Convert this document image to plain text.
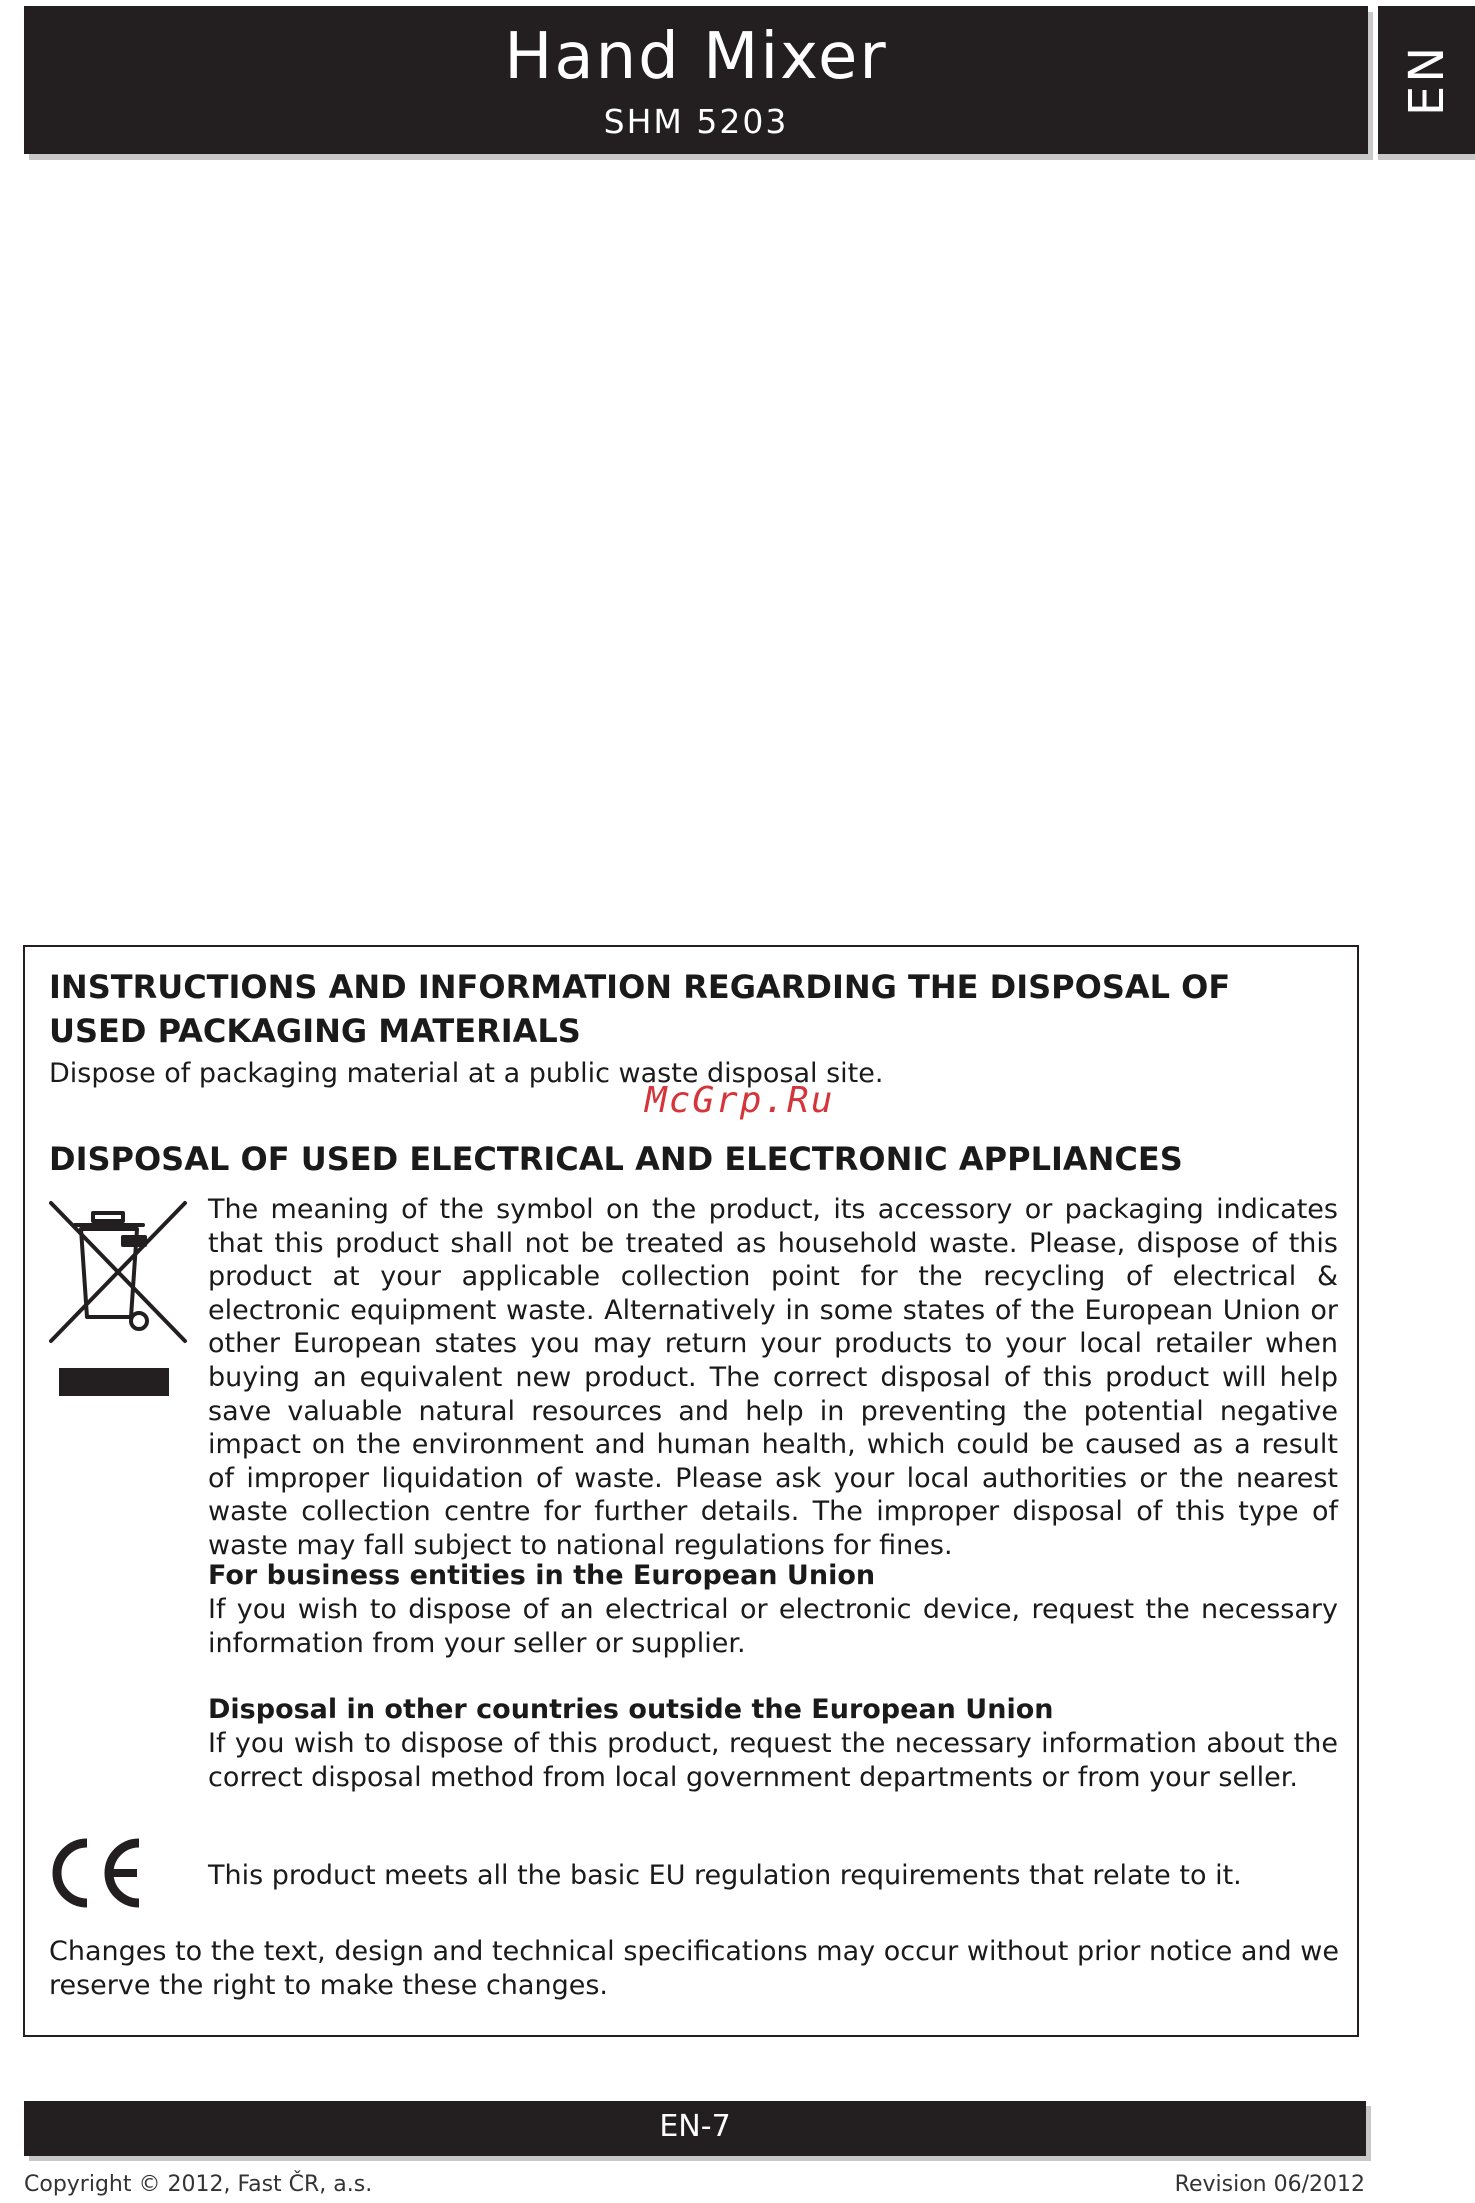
Hand Mixer
SHM 5203
EN
INSTRUCTIONS AND INFORMATION REGARDING THE DISPOSAL OF USED PACKAGING MATERIALS

Dispose of packaging material at a public waste disposal site.

McGrp.Ru
DISPOSAL OF USED ELECTRICAL AND ELECTRONIC APPLIANCES

The meaning of the symbol on the product, its accessory or packaging indicates that this product shall not be treated as household waste. Please, dispose of this product at your applicable collection point for the recycling of electrical & electronic equipment waste. Alternatively in some states of the European Union or other European states you may return your products to your local retailer when buying an equivalent new product. The correct disposal of this product will help save valuable natural resources and help in preventing the potential negative impact on the environment and human health, which could be caused as a result of improper liquidation of waste. Please ask your local authorities or the nearest waste collection centre for further details. The improper disposal of this type of waste may fall subject to national regulations for fines.

For business entities in the European Union

If you wish to dispose of an electrical or electronic device, request the necessary information from your seller or supplier.

Disposal in other countries outside the European Union

If you wish to dispose of this product, request the necessary information about the correct disposal method from local government departments or from your seller.

This product meets all the basic EU regulation requirements that relate to it.

Changes to the text, design and technical specifications may occur without prior notice and we reserve the right to make these changes.

EN-7
Copyright © 2012, Fast ČR, a.s.	Revision 06/2012
